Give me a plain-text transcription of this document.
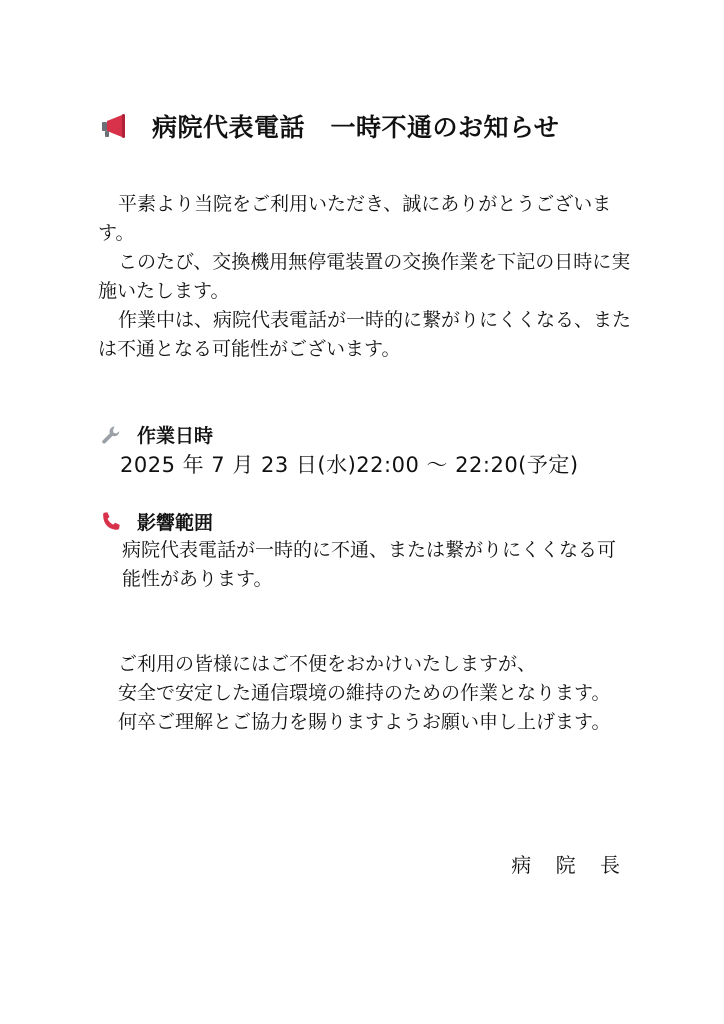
病院代表電話　一時不通のお知らせ

平素より当院をご利用いただき、誠にありがとうございます。

このたび、交換機用無停電装置の交換作業を下記の日時に実施いたします。

作業中は、病院代表電話が一時的に繋がりにくくなる、または不通となる可能性がございます。

作業日時
2025 年 7 月 23 日(水)22:00 ～ 22:20(予定)
影響範囲
病院代表電話が一時的に不通、または繋がりにくくなる可能性があります。

ご利用の皆様にはご不便をおかけいたしますが、

安全で安定した通信環境の維持のための作業となります。

何卒ご理解とご協力を賜りますようお願い申し上げます。

病 院 長
